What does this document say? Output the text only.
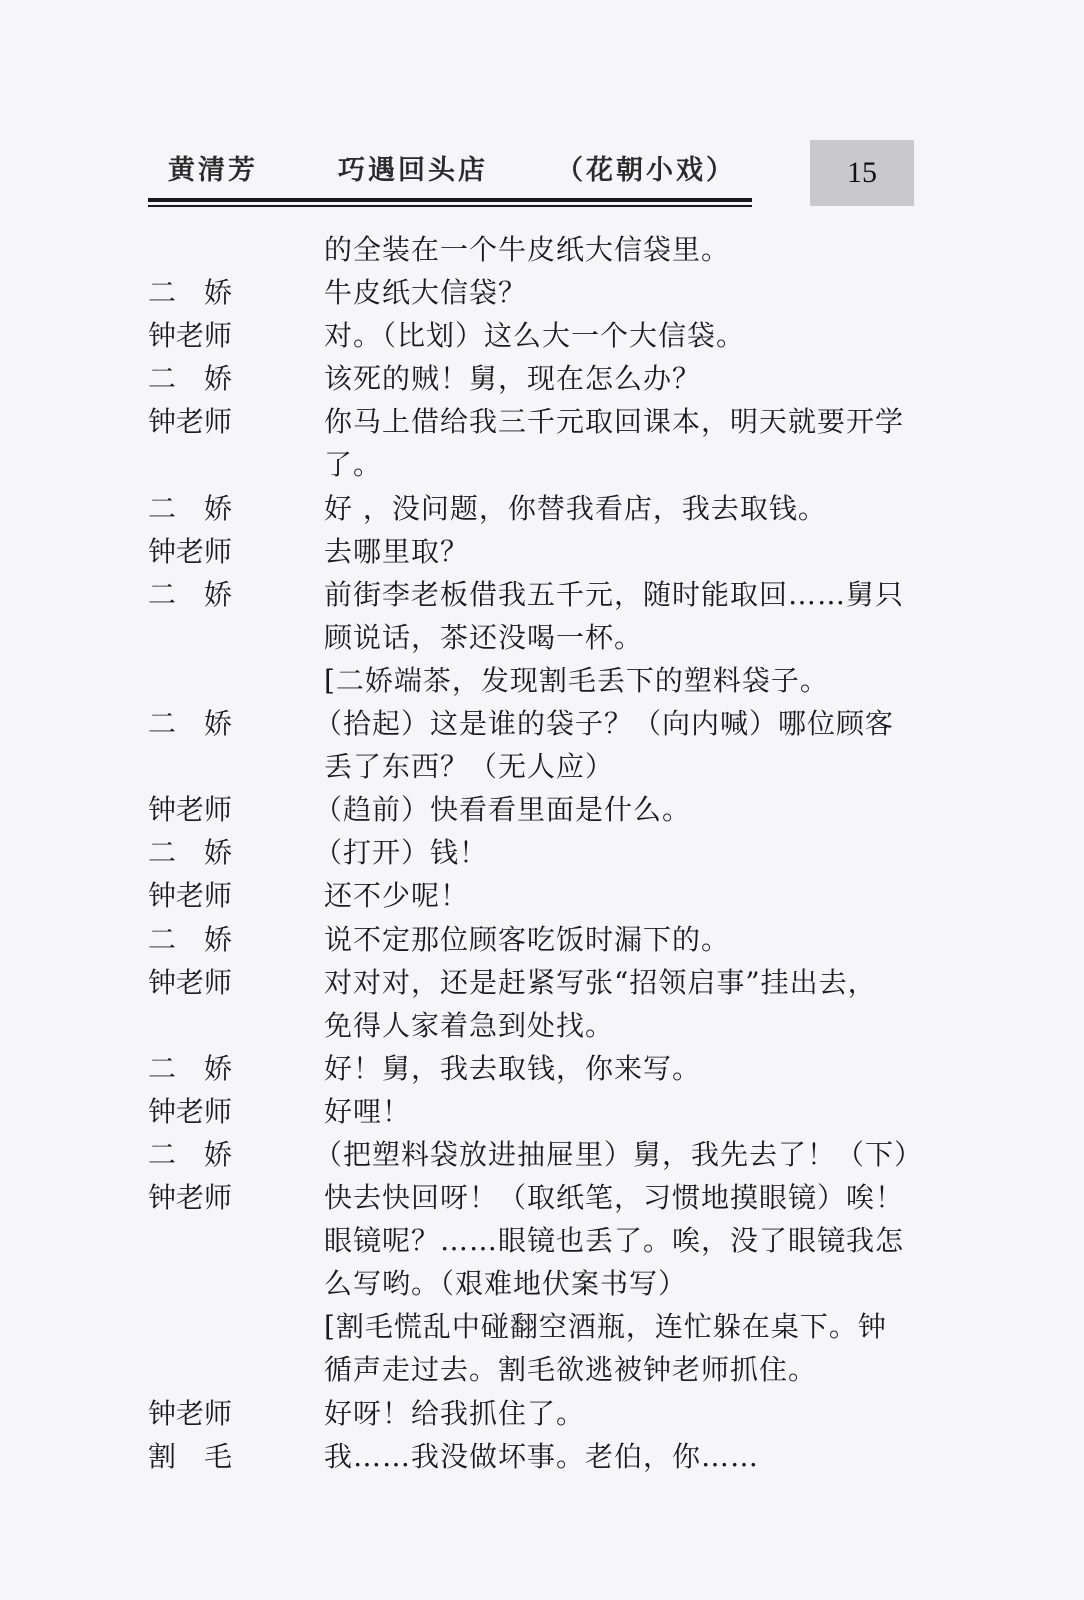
黄清芳	巧遇回头店	（花朝小戏）	15
的全装在一个牛皮纸大信袋里。
二娇	牛皮纸大信袋？
钟老师	对。（比划）这么大一个大信袋。
二娇	该死的贼！舅，现在怎么办？
钟老师	你马上借给我三千元取回课本，明天就要开学
了。
二娇	好 ，没问题，你替我看店，我去取钱。
钟老师	去哪里取？
二娇	前街李老板借我五千元，随时能取回……舅只
顾说话，茶还没喝一杯。
[二娇端茶，发现割毛丢下的塑料袋子。
二娇	（拾起）这是谁的袋子？（向内喊）哪位顾客
丢了东西？（无人应）
钟老师	（趋前）快看看里面是什么。
二娇	（打开）钱！
钟老师	还不少呢！
二娇	说不定那位顾客吃饭时漏下的。
钟老师	对对对，还是赶紧写张“招领启事”挂出去，
免得人家着急到处找。
二娇	好！舅，我去取钱，你来写。
钟老师	好哩！
二娇	（把塑料袋放进抽屉里）舅，我先去了！（下）
钟老师	快去快回呀！（取纸笔，习惯地摸眼镜）唉！
眼镜呢？……眼镜也丢了。唉，没了眼镜我怎
么写哟。（艰难地伏案书写）
[割毛慌乱中碰翻空酒瓶，连忙躲在桌下。钟
循声走过去。割毛欲逃被钟老师抓住。
钟老师	好呀！给我抓住了。
割毛	我……我没做坏事。老伯，你……
